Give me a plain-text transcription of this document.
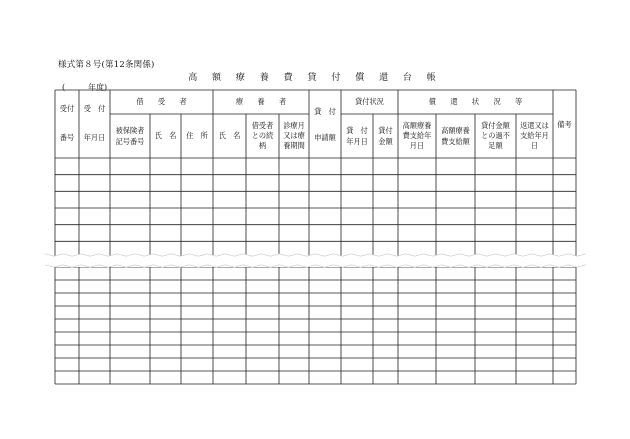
様式第８号(第12条関係)
高 額 療 養 費 貸 付 償 還 台 帳
(	年度)
受付
番号
受　付
年月日
借　　受　　者
被保険者
記号番号
氏　名 住　所
療　　養　　者
氏　名
借受者
との続
柄
診療月
又は療
養期間
貸　付
申請額
貸付状況
貸　付
年月日
貸付
金額
償　　還　　状　　況　　等
高額療養
費支給年
月日
高額療養
費支給額
貸付金額
との過不
足額
返還又は
支給年月
日
備考
